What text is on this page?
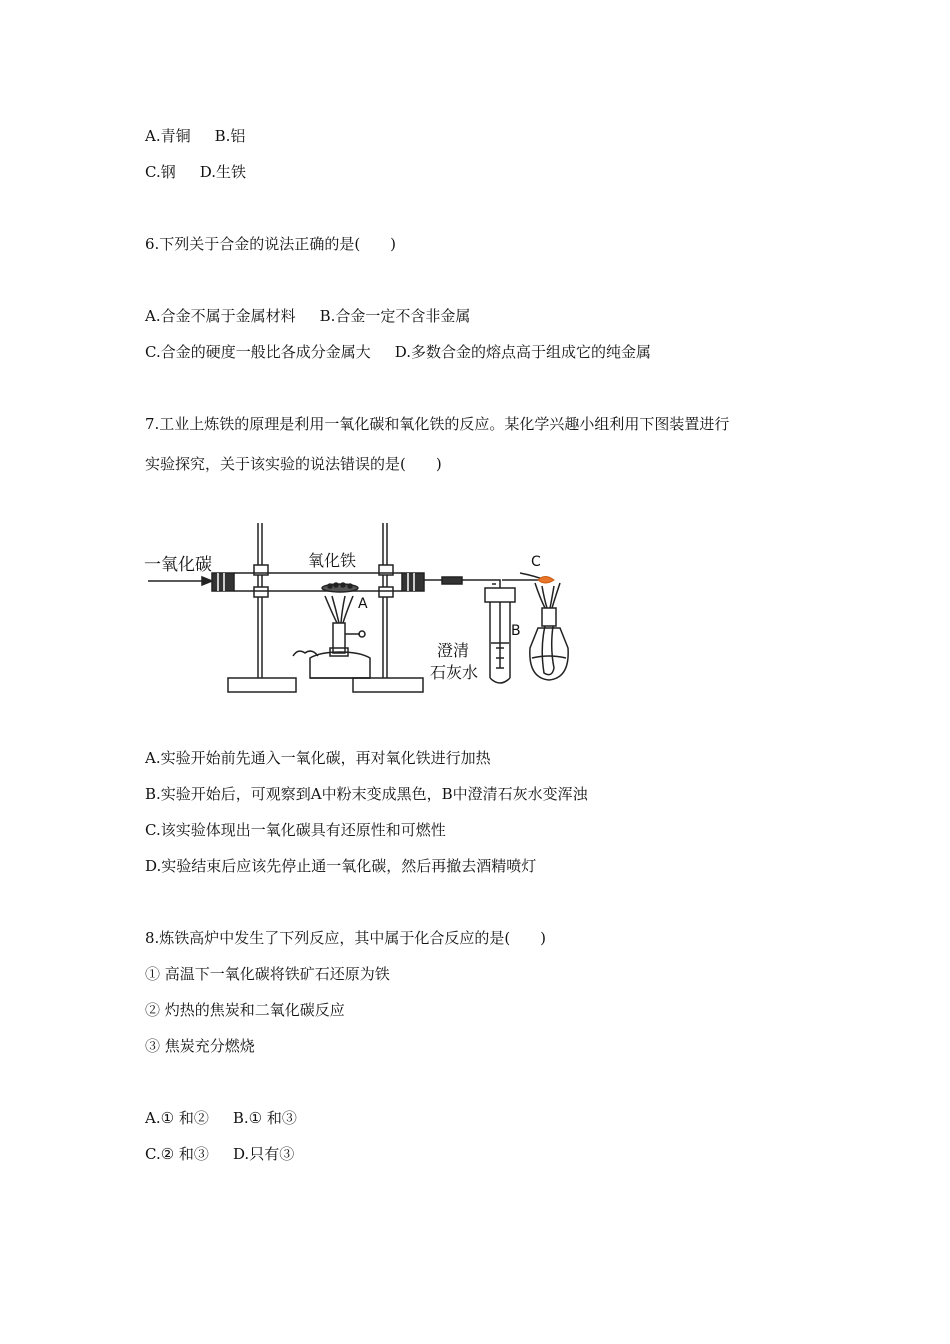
A.青铜 B.铝
C.钢 D.生铁
6.下列关于合金的说法正确的是(　　)
A.合金不属于金属材料 B.合金一定不含非金属
C.合金的硬度一般比各成分金属大 D.多数合金的熔点高于组成它的纯金属
7.工业上炼铁的原理是利用一氧化碳和氧化铁的反应。某化学兴趣小组利用下图装置进行
实验探究，关于该实验的说法错误的是(　　)
一氧化碳	氧化铁
A
B
C
澄清
石灰水
A.实验开始前先通入一氧化碳，再对氧化铁进行加热
B.实验开始后，可观察到A中粉末变成黑色，B中澄清石灰水变浑浊
C.该实验体现出一氧化碳具有还原性和可燃性
D.实验结束后应该先停止通一氧化碳，然后再撤去酒精喷灯
8.炼铁高炉中发生了下列反应，其中属于化合反应的是(　　)
① 高温下一氧化碳将铁矿石还原为铁
② 灼热的焦炭和二氧化碳反应
③ 焦炭充分燃烧
A.① 和② B.① 和③
C.② 和③ D.只有③
